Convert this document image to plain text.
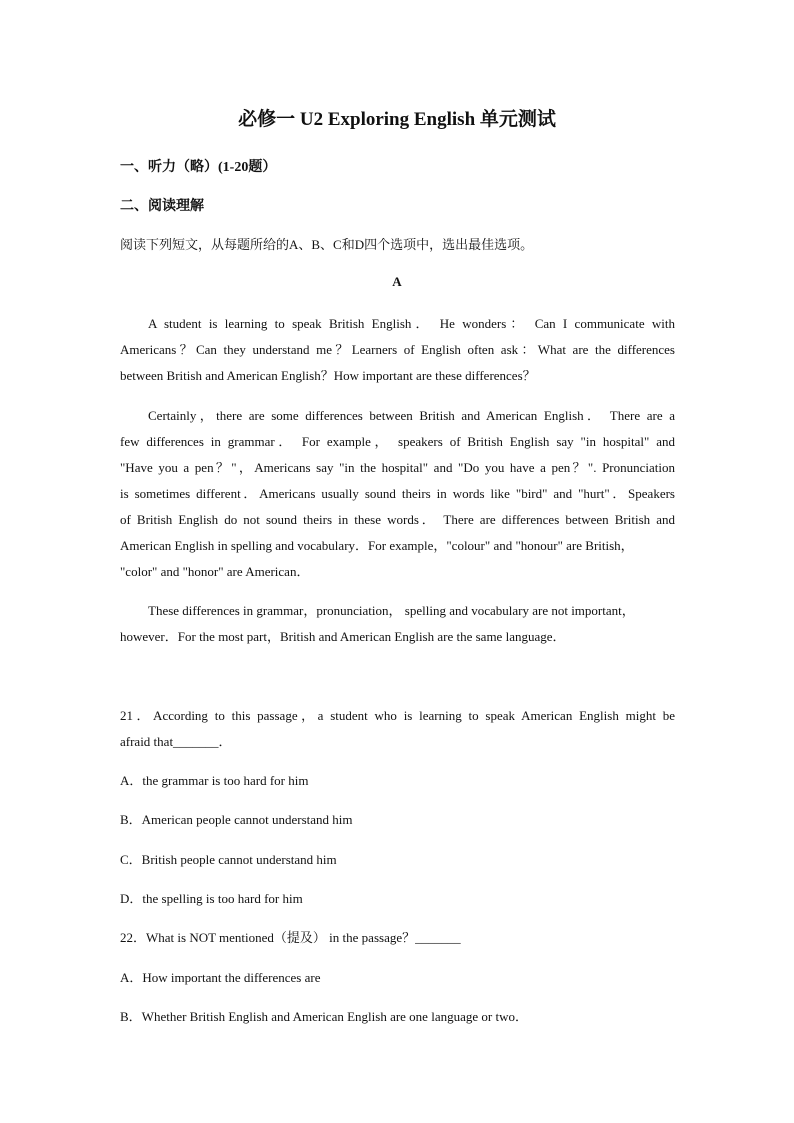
必修一 U2 Exploring English 单元测试
一、听力（略）(1-20题）
二、阅读理解
阅读下列短文，从每题所给的A、B、C和D四个选项中，选出最佳选项。
A
A student is learning to speak British English． He wonders： Can I communicate with
Americans？Can they understand me？Learners of English often ask：What are the differences
between British and American English？How important are these differences？
Certainly，there are some differences between British and American English． There are a
few differences in grammar． For example， speakers of British English say "in hospital" and
"Have you a pen？"，Americans say "in the hospital" and "Do you have a pen？". Pronunciation
is sometimes different．Americans usually sound theirs in words like "bird" and "hurt"．Speakers
of British English do not sound theirs in these words． There are differences between British and
American English in spelling and vocabulary．For example，"colour" and "honour" are British，
"color" and "honor" are American．
These differences in grammar，pronunciation， spelling and vocabulary are not important，
however．For the most part，British and American English are the same language．
21．According to this passage，a student who is learning to speak American English might be
afraid that_______．
A．the grammar is too hard for him
B．American people cannot understand him
C．British people cannot understand him
D．the spelling is too hard for him
22．What is NOT mentioned（提及） in the passage？_______
A．How important the differences are
B．Whether British English and American English are one language or two．
